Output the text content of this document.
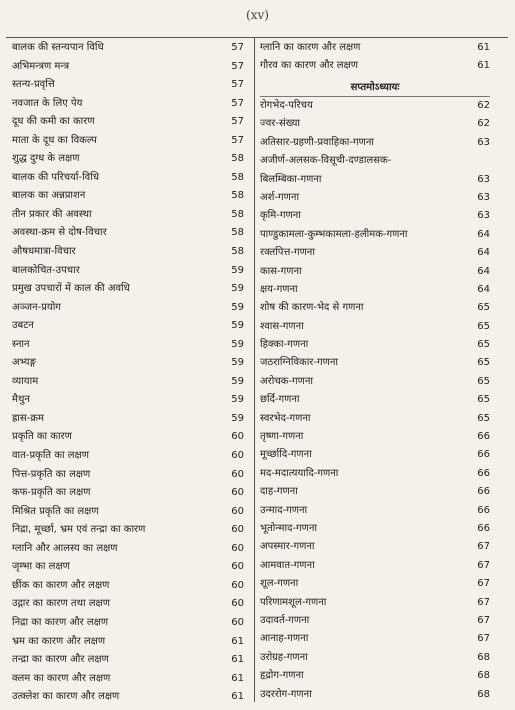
(xv)
बालक की स्तन्यपान विधि	57
अभिमन्त्रण मन्त्र	57
स्तन्य-प्रवृत्ति	57
नवजात के लिए पेय	57
दूध की कमी का कारण	57
माता के दूध का विकल्प	57
शुद्ध दुग्ध के लक्षण	58
बालक की परिचर्या-विधि	58
बालक का अन्नप्राशन	58
तीन प्रकार की अवस्था	58
अवस्था-क्रम से दोष-विचार	58
औषधमात्रा-विचार	58
बालकोचित-उपचार	59
प्रमुख उपचारों में काल की अवधि	59
अञ्जन-प्रयोग	59
उबटन	59
स्नान	59
अभ्यङ्ग	59
व्यायाम	59
मैथुन	59
ह्रास-क्रम	59
प्रकृति का कारण	60
वात-प्रकृति का लक्षण	60
पित्त-प्रकृति का लक्षण	60
कफ-प्रकृति का लक्षण	60
मिश्रित प्रकृति का लक्षण	60
निद्रा, मूर्च्छा, भ्रम एवं तन्द्रा का कारण	60
ग्लानि और आलस्य का लक्षण	60
जृम्भा का लक्षण	60
छींक का कारण और लक्षण	60
उद्गार का कारण तथा लक्षण	60
निद्रा का कारण और लक्षण	60
भ्रम का कारण और लक्षण	61
तन्द्रा का कारण और लक्षण	61
क्लम का कारण और लक्षण	61
उत्क्लेश का कारण और लक्षण	61
ग्लानि का कारण और लक्षण	61
गौरव का कारण और लक्षण	61
सप्तमोऽध्यायः
रोगभेद-परिचय	62
ज्वर-संख्या	62
अतिसार-ग्रहणी-प्रवाहिका-गणना	63
अजीर्ण-अलसक-विसूची-दण्डालसक-
बिलम्बिका-गणना	63
अर्श-गणना	63
कृमि-गणना	63
पाण्डुकामला-कुम्भकामला-हलीमक-गणना	64
रक्तपित्त-गणना	64
कास-गणना	64
क्षय-गणना	64
शोष की कारण-भेद से गणना	65
श्वास-गणना	65
हिक्का-गणना	65
जठराग्निविकार-गणना	65
अरोचक-गणना	65
छर्दि-गणना	65
स्वरभेद-गणना	65
तृष्णा-गणना	66
मूर्च्छादि-गणना	66
मद-मदात्ययादि-गणना	66
दाह-गणना	66
उन्माद-गणना	66
भूतोन्माद-गणना	66
अपस्मार-गणना	67
आमवात-गणना	67
शूल-गणना	67
परिणामशूल-गणना	67
उदावर्त-गणना	67
आनाह-गणना	67
उरोग्रह-गणना	68
हृद्रोग-गणना	68
उदररोग-गणना	68
